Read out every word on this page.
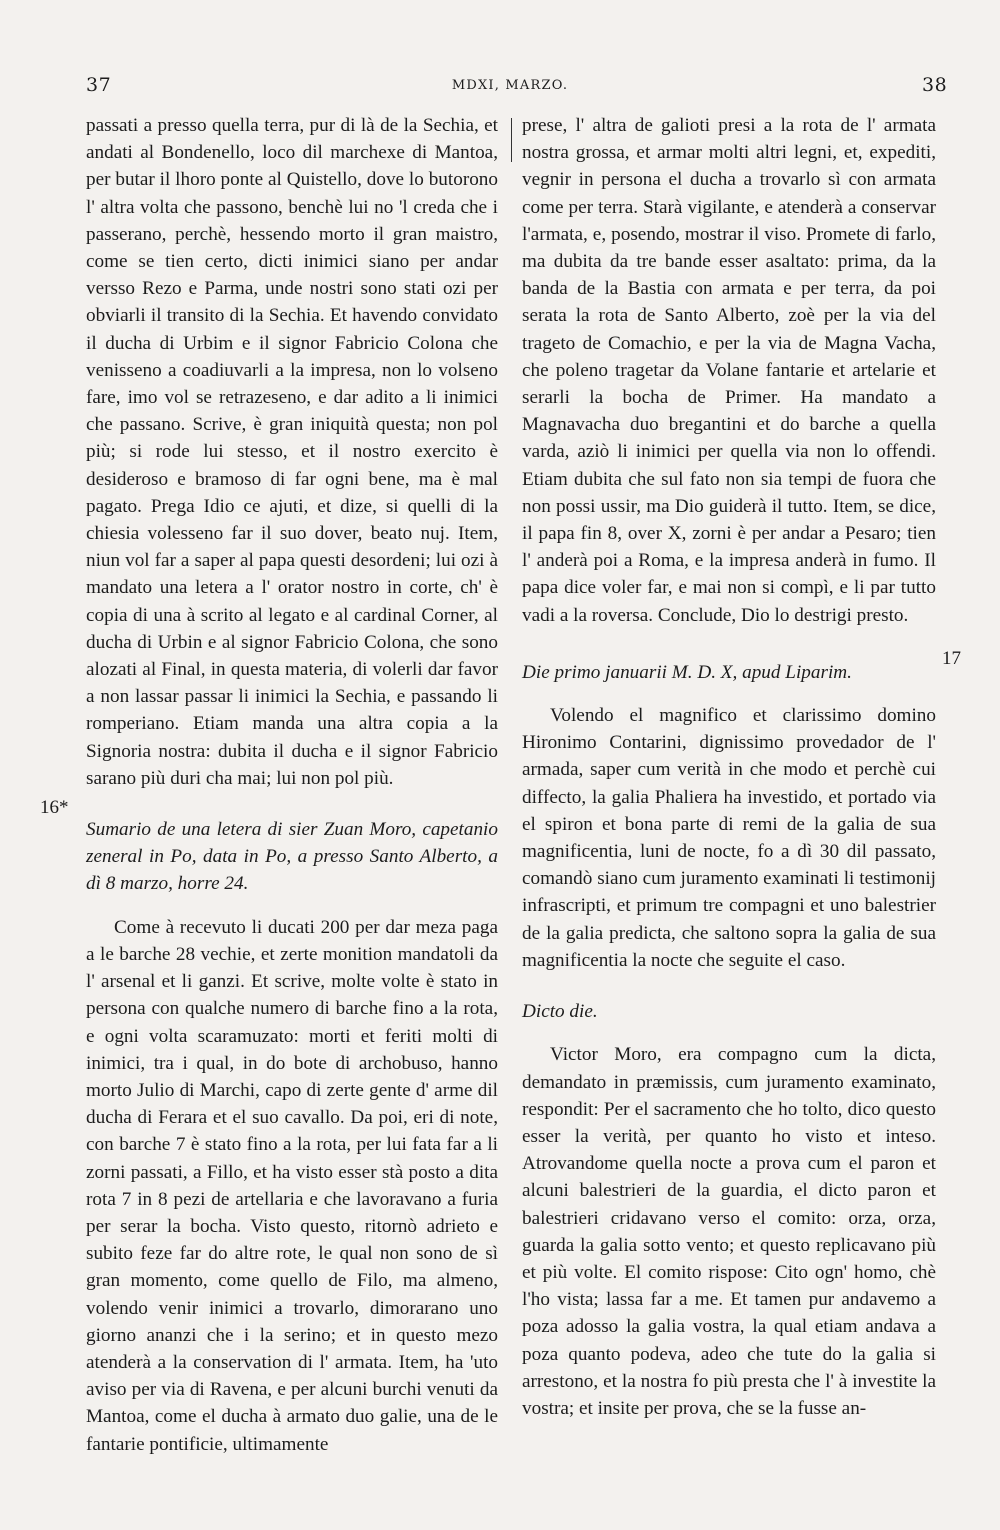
37	MDXI, MARZO.	38

passati a presso quella terra, pur di là de la Sechia, et andati al Bondenello, loco dil marchexe di Mantoa, per butar il lhoro ponte al Quistello, dove lo butorono l' altra volta che passono, benchè lui no 'l creda che i passerano, perchè, hessendo morto il gran maistro, come se tien certo, dicti inimici siano per andar versso Rezo e Parma, unde nostri sono stati ozi per obviarli il transito di la Sechia. Et havendo convidato il ducha di Urbim e il signor Fabricio Colona che venisseno a coadiuvarli a la impresa, non lo volseno fare, imo vol se retrazeseno, e dar adito a li inimici che passano. Scrive, è gran iniquità questa; non pol più; si rode lui stesso, et il nostro exercito è desideroso e bramoso di far ogni bene, ma è mal pagato. Prega Idio ce ajuti, et dize, si quelli di la chiesia volesseno far il suo dover, beato nuj. Item, niun vol far a saper al papa questi desordeni; lui ozi à mandato una letera a l' orator nostro in corte, ch' è copia di una à scrito al legato e al cardinal Corner, al ducha di Urbin e al signor Fabricio Colona, che sono alozati al Final, in questa materia, di volerli dar favor a non lassar passar li inimici la Sechia, e passando li romperiano. Etiam manda una altra copia a la Signoria nostra: dubita il ducha e il signor Fabricio sarano più duri cha mai; lui non pol più.

Sumario de una letera di sier Zuan Moro, capetanio zeneral in Po, data in Po, a presso Santo Alberto, a dì 8 marzo, horre 24.

Come à recevuto li ducati 200 per dar meza paga a le barche 28 vechie, et zerte monition mandatoli da l' arsenal et li ganzi. Et scrive, molte volte è stato in persona con qualche numero di barche fino a la rota, e ogni volta scaramuzato: morti et feriti molti di inimici, tra i qual, in do bote di archobuso, hanno morto Julio di Marchi, capo di zerte gente d' arme dil ducha di Ferara et el suo cavallo. Da poi, eri di note, con barche 7 è stato fino a la rota, per lui fata far a li zorni passati, a Fillo, et ha visto esser stà posto a dita rota 7 in 8 pezi de artellaria e che lavoravano a furia per serar la bocha. Visto questo, ritornò adrieto e subito feze far do altre rote, le qual non sono de sì gran momento, come quello de Filo, ma almeno, volendo venir inimici a trovarlo, dimorarano uno giorno ananzi che i la serino; et in questo mezo atenderà a la conservation di l' armata. Item, ha 'uto aviso per via di Ravena, e per alcuni burchi venuti da Mantoa, come el ducha à armato duo galie, una de le fantarie pontificie, ultimamente

prese, l' altra de galioti presi a la rota de l' armata nostra grossa, et armar molti altri legni, et, expediti, vegnir in persona el ducha a trovarlo sì con armata come per terra. Starà vigilante, e atenderà a conservar l'armata, e, posendo, mostrar il viso. Promete di farlo, ma dubita da tre bande esser asaltato: prima, da la banda de la Bastia con armata e per terra, da poi serata la rota de Santo Alberto, zoè per la via del trageto de Comachio, e per la via de Magna Vacha, che poleno tragetar da Volane fantarie et artelarie et serarli la bocha de Primer. Ha mandato a Magnavacha duo bregantini et do barche a quella varda, aziò li inimici per quella via non lo offendi. Etiam dubita che sul fato non sia tempi de fuora che non possi ussir, ma Dio guiderà il tutto. Item, se dice, il papa fin 8, over X, zorni è per andar a Pesaro; tien l' anderà poi a Roma, e la impresa anderà in fumo. Il papa dice voler far, e mai non si compì, e li par tutto vadi a la roversa. Conclude, Dio lo destrigi presto.

Die primo januarii M. D. X, apud Liparim.

Volendo el magnifico et clarissimo domino Hironimo Contarini, dignissimo provedador de l' armada, saper cum verità in che modo et perchè cui diffecto, la galia Phaliera ha investido, et portado via el spiron et bona parte di remi de la galia de sua magnificentia, luni de nocte, fo a dì 30 dil passato, comandò siano cum juramento examinati li testimonij infrascripti, et primum tre compagni et uno balestrier de la galia predicta, che saltono sopra la galia de sua magnificentia la nocte che seguite el caso.

Dicto die.

Victor Moro, era compagno cum la dicta, demandato in præmissis, cum juramento examinato, respondit: Per el sacramento che ho tolto, dico questo esser la verità, per quanto ho visto et inteso. Atrovandome quella nocte a prova cum el paron et alcuni balestrieri de la guardia, el dicto paron et balestrieri cridavano verso el comito: orza, orza, guarda la galia sotto vento; et questo replicavano più et più volte. El comito rispose: Cito ogn' homo, chè l'ho vista; lassa far a me. Et tamen pur andavemo a poza adosso la galia vostra, la qual etiam andava a poza quanto podeva, adeo che tute do la galia si arrestono, et la nostra fo più presta che l' à investite la vostra; et insite per prova, che se la fusse an-

16*
17
